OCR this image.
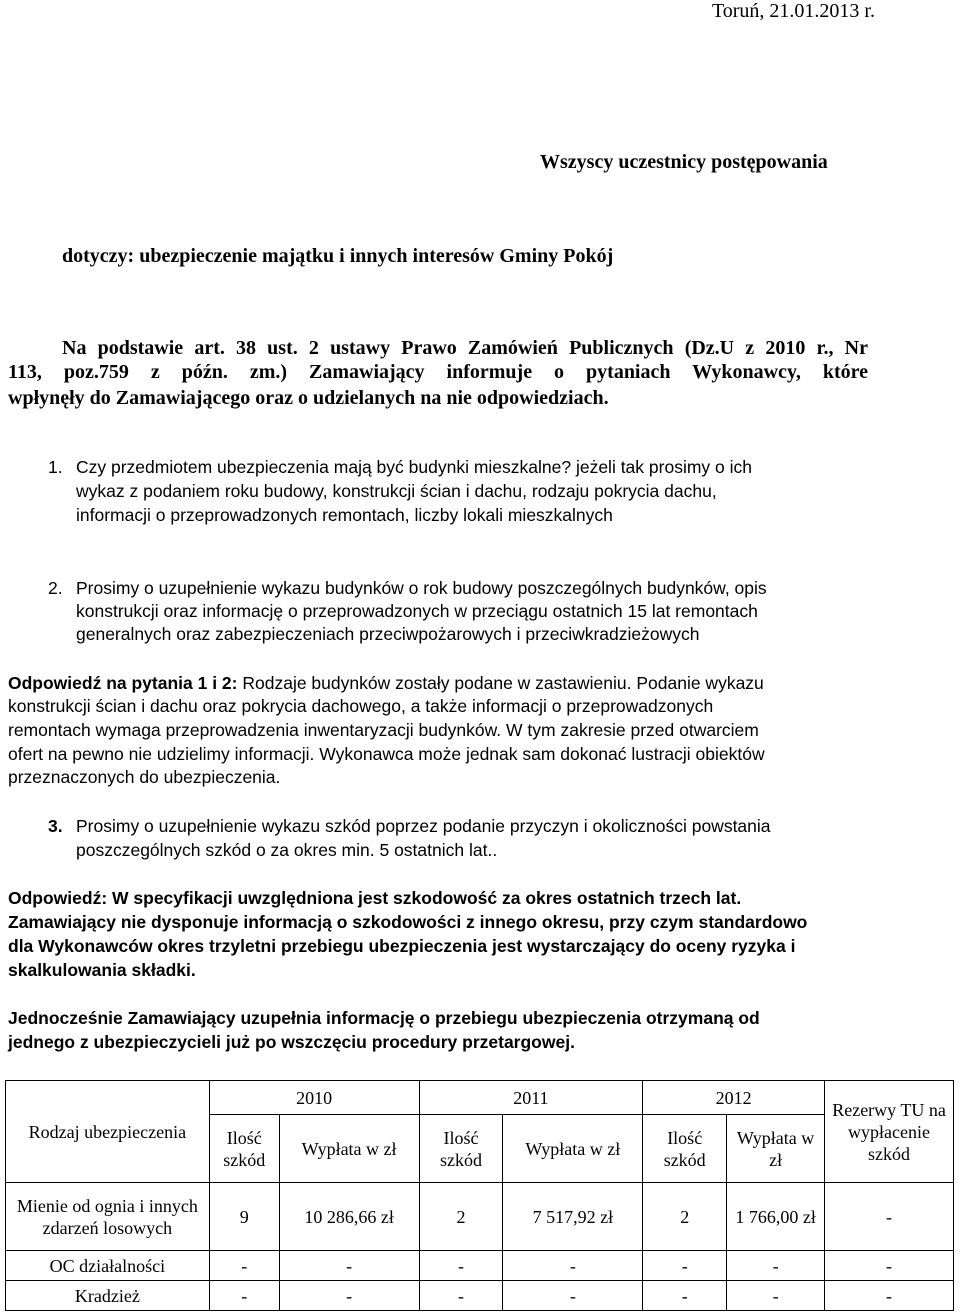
Toruń, 21.01.2013 r.
Wszyscy uczestnicy postępowania
dotyczy: ubezpieczenie majątku i innych interesów Gminy Pokój
Na podstawie art. 38 ust. 2 ustawy Prawo Zamówień Publicznych (Dz.U z 2010 r., Nr
113, poz.759 z późn. zm.) Zamawiający informuje o pytaniach Wykonawcy, które
wpłynęły do Zamawiającego oraz o udzielanych na nie odpowiedziach.
1. Czy przedmiotem ubezpieczenia mają być budynki mieszkalne? jeżeli tak prosimy o ich
wykaz z podaniem roku budowy, konstrukcji ścian i dachu, rodzaju pokrycia dachu,
informacji o przeprowadzonych remontach, liczby lokali mieszkalnych
2. Prosimy o uzupełnienie wykazu budynków o rok budowy poszczególnych budynków, opis
konstrukcji oraz informację o przeprowadzonych w przeciągu ostatnich 15 lat remontach
generalnych oraz zabezpieczeniach przeciwpożarowych i przeciwkradzieżowych
Odpowiedź na pytania 1 i 2: Rodzaje budynków zostały podane w zastawieniu. Podanie wykazu
konstrukcji ścian i dachu oraz pokrycia dachowego, a także informacji o przeprowadzonych
remontach wymaga przeprowadzenia inwentaryzacji budynków. W tym zakresie przed otwarciem
ofert na pewno nie udzielimy informacji. Wykonawca może jednak sam dokonać lustracji obiektów
przeznaczonych do ubezpieczenia.
3. Prosimy o uzupełnienie wykazu szkód poprzez podanie przyczyn i okoliczności powstania
poszczególnych szkód o za okres min. 5 ostatnich lat..
Odpowiedź: W specyfikacji uwzględniona jest szkodowość za okres ostatnich trzech lat.
Zamawiający nie dysponuje informacją o szkodowości z innego okresu, przy czym standardowo
dla Wykonawców okres trzyletni przebiegu ubezpieczenia jest wystarczający do oceny ryzyka i
skalkulowania składki.
Jednocześnie Zamawiający uzupełnia informację o przebiegu ubezpieczenia otrzymaną od
jednego z ubezpieczycieli już po wszczęciu procedury przetargowej.
Rodzaj ubezpieczenia	2010		2011		2012		Rezerwy TU na wypłacenie szkód
	Ilość szkód	Wypłata w zł	Ilość szkód	Wypłata w zł	Ilość szkód	Wypłata w zł	
Mienie od ognia i innych zdarzeń losowych	9	10 286,66 zł	2	7 517,92 zł	2	1 766,00 zł	-
OC działalności	-	-	-	-	-	-	-
Kradzież	-	-	-	-	-	-	-
